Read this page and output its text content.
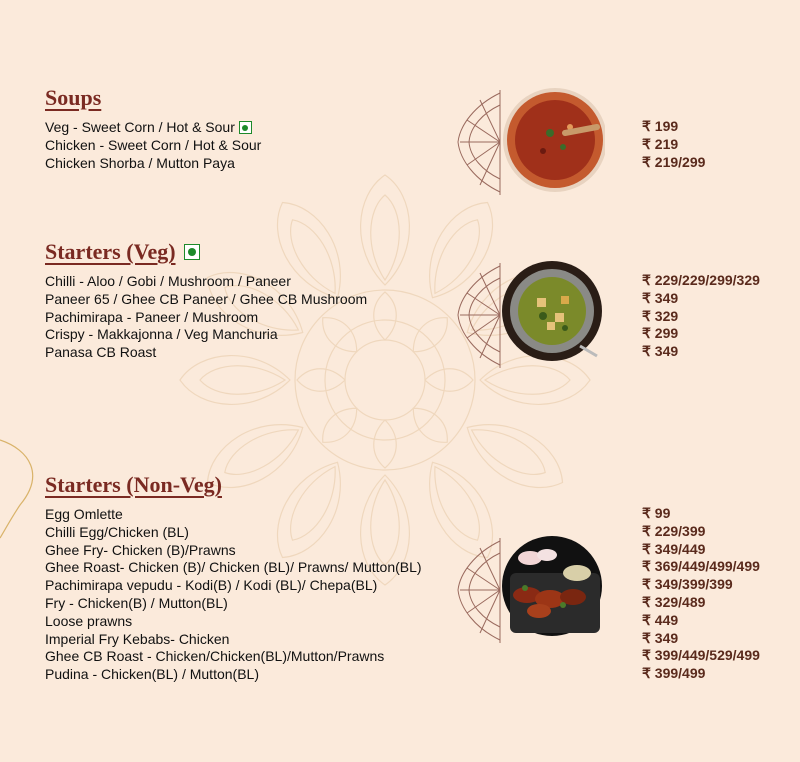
Soups
Veg - Sweet Corn / Hot & Sour
Chicken - Sweet Corn / Hot & Sour
Chicken Shorba / Mutton Paya
₹ 199
₹ 219
₹ 219/299
Starters (Veg)
Chilli - Aloo / Gobi / Mushroom / Paneer
Paneer 65 / Ghee CB Paneer / Ghee CB Mushroom
Pachimirapa - Paneer / Mushroom
Crispy - Makkajonna / Veg Manchuria
Panasa CB Roast
₹ 229/229/299/329
₹ 349
₹ 329
₹ 299
₹ 349
Starters (Non-Veg)
Egg Omlette
Chilli Egg/Chicken (BL)
Ghee Fry- Chicken (B)/Prawns
Ghee Roast- Chicken (B)/ Chicken (BL)/ Prawns/ Mutton(BL)
Pachimirapa vepudu - Kodi(B) / Kodi (BL)/ Chepa(BL)
Fry - Chicken(B) / Mutton(BL)
Loose prawns
Imperial Fry Kebabs- Chicken
Ghee CB Roast - Chicken/Chicken(BL)/Mutton/Prawns
Pudina - Chicken(BL) / Mutton(BL)
₹ 99
₹ 229/399
₹ 349/449
₹ 369/449/499/499
₹ 349/399/399
₹ 329/489
₹ 449
₹ 349
₹ 399/449/529/499
₹ 399/499
